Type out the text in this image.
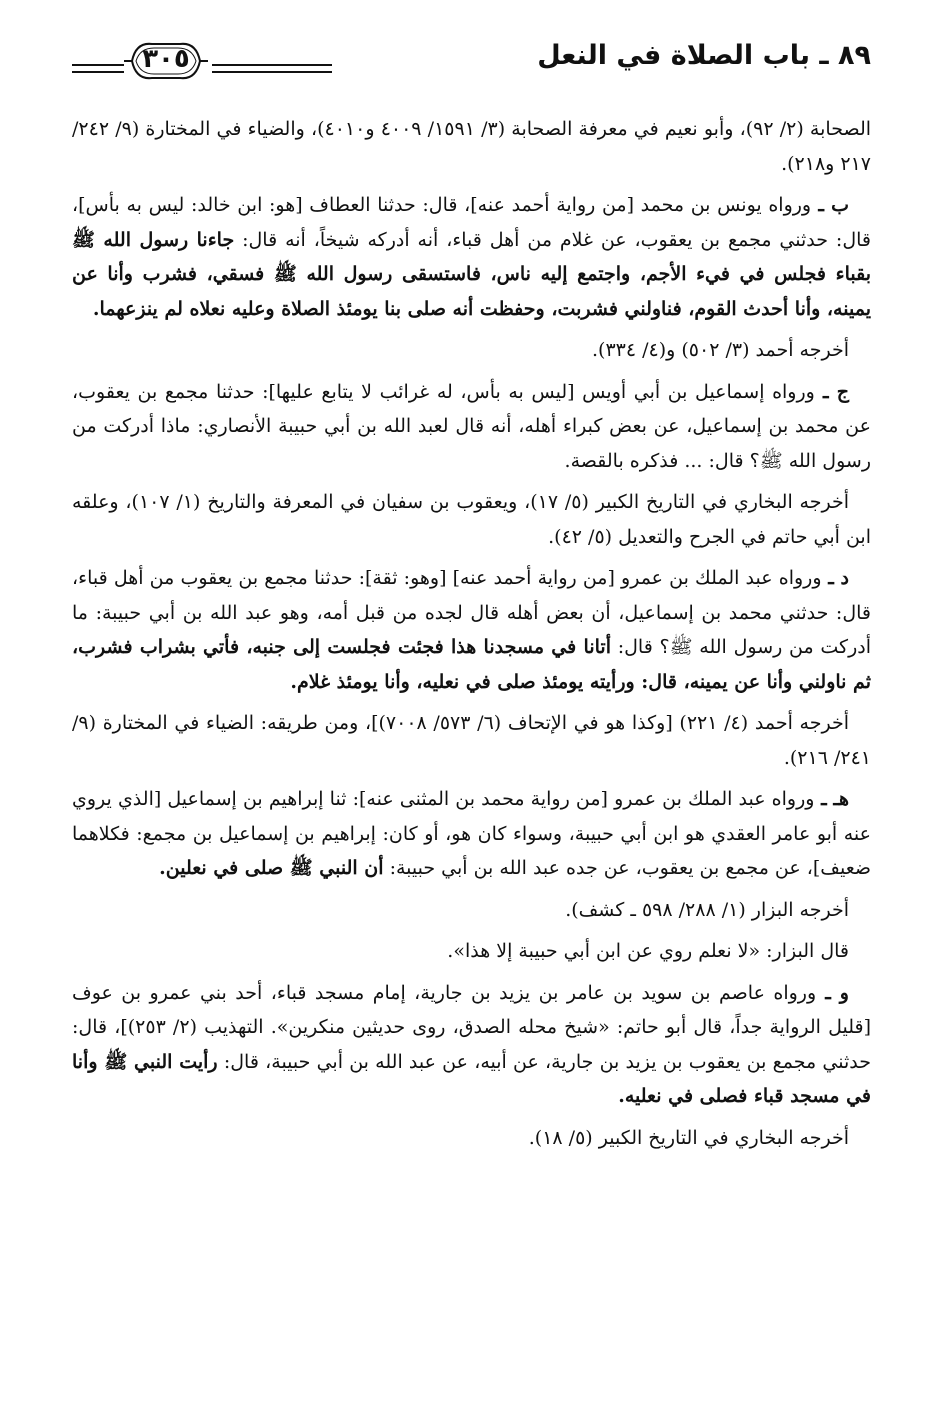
٨٩ ـ باب الصلاة في النعل
٣٠٥

الصحابة (٢/ ٩٢)، وأبو نعيم في معرفة الصحابة (٣/ ١٥٩١/ ٤٠٠٩ و٤٠١٠)، والضياء في المختارة (٩/ ٢٤٢/ ٢١٧ و٢١٨).

ب ـ ورواه يونس بن محمد [من رواية أحمد عنه]، قال: حدثنا العطاف [هو: ابن خالد: ليس به بأس]، قال: حدثني مجمع بن يعقوب، عن غلام من أهل قباء، أنه أدركه شيخاً، أنه قال: جاءنا رسول الله ﷺ بقباء فجلس في فيء الأجم، واجتمع إليه ناس، فاستسقى رسول الله ﷺ فسقي، فشرب وأنا عن يمينه، وأنا أحدث القوم، فناولني فشربت، وحفظت أنه صلى بنا يومئذ الصلاة وعليه نعلاه لم ينزعهما.

أخرجه أحمد (٣/ ٥٠٢) و(٤/ ٣٣٤).

ج ـ ورواه إسماعيل بن أبي أويس [ليس به بأس، له غرائب لا يتابع عليها]: حدثنا مجمع بن يعقوب، عن محمد بن إسماعيل، عن بعض كبراء أهله، أنه قال لعبد الله بن أبي حبيبة الأنصاري: ماذا أدركت من رسول الله ﷺ؟ قال: ... فذكره بالقصة.

أخرجه البخاري في التاريخ الكبير (٥/ ١٧)، ويعقوب بن سفيان في المعرفة والتاريخ (١/ ١٠٧)، وعلقه ابن أبي حاتم في الجرح والتعديل (٥/ ٤٢).

د ـ ورواه عبد الملك بن عمرو [من رواية أحمد عنه] [وهو: ثقة]: حدثنا مجمع بن يعقوب من أهل قباء، قال: حدثني محمد بن إسماعيل، أن بعض أهله قال لجده من قبل أمه، وهو عبد الله بن أبي حبيبة: ما أدركت من رسول الله ﷺ؟ قال: أتانا في مسجدنا هذا فجئت فجلست إلى جنبه، فأتي بشراب فشرب، ثم ناولني وأنا عن يمينه، قال: ورأيته يومئذ صلى في نعليه، وأنا يومئذ غلام.

أخرجه أحمد (٤/ ٢٢١) [وكذا هو في الإتحاف (٦/ ٥٧٣/ ٧٠٠٨)]، ومن طريقه: الضياء في المختارة (٩/ ٢٤١/ ٢١٦).

هـ ـ ورواه عبد الملك بن عمرو [من رواية محمد بن المثنى عنه]: ثنا إبراهيم بن إسماعيل [الذي يروي عنه أبو عامر العقدي هو ابن أبي حبيبة، وسواء كان هو، أو كان: إبراهيم بن إسماعيل بن مجمع: فكلاهما ضعيف]، عن مجمع بن يعقوب، عن جده عبد الله بن أبي حبيبة: أن النبي ﷺ صلى في نعلين.

أخرجه البزار (١/ ٢٨٨/ ٥٩٨ ـ كشف).

قال البزار: «لا نعلم روي عن ابن أبي حبيبة إلا هذا».

و ـ ورواه عاصم بن سويد بن عامر بن يزيد بن جارية، إمام مسجد قباء، أحد بني عمرو بن عوف [قليل الرواية جداً، قال أبو حاتم: «شيخ محله الصدق، روى حديثين منكرين». التهذيب (٢/ ٢٥٣)]، قال: حدثني مجمع بن يعقوب بن يزيد بن جارية، عن أبيه، عن عبد الله بن أبي حبيبة، قال: رأيت النبي ﷺ وأنا في مسجد قباء فصلى في نعليه.

أخرجه البخاري في التاريخ الكبير (٥/ ١٨).
